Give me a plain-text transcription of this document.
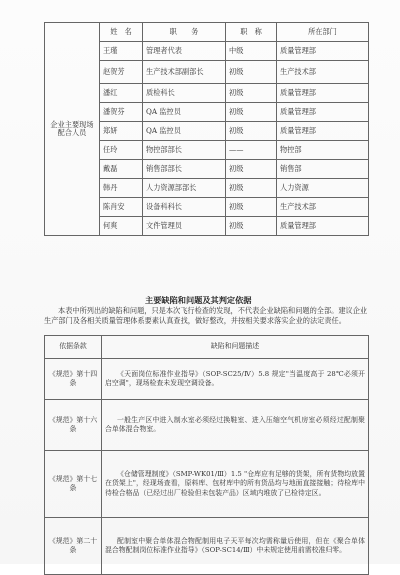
企业主要现场配合人员	姓　名	职　　务	职　称	所在部门
	王瑾	管理者代表	中级	质量管理部
	赵贺芳	生产技术部副部长	初级	生产技术部
	潘红	质检科长	初级	质量管理部
	潘贺芬	QA 监控员	初级	质量管理部
	郑妍	QA 监控员	初级	质量管理部
	任玲	物控部部长	——	物控部
	戴磊	销售部部长	初级	销售部
	韩丹	人力资源部部长	初级	人力资源
	陈肖安	设备科科长	初级	生产技术部
	何爽	文件管理员	初级	质量管理部
主要缺陷和问题及其判定依据

本表中所列出的缺陷和问题，只是本次飞行检查的发现，不代表企业缺陷和问题的全部。建议企业生产部门及各相关质量管理体系要素认真查找，做好整改，并按相关要求落实企业的法定责任。

依据条款	缺陷和问题描述
《规范》第十四条	《天面岗位标准作业指导》（SOP-SC25/Ⅳ）5.8 规定"当温度高于 28℃必须开启空调"，现场检查未发现空调设备。
《规范》第十六条	一般生产区中进入制水室必须经过换鞋室、进入压缩空气机房室必须经过配制聚合单体混合物室。
《规范》第十七条	《仓储管理制度》（SMP-WK01/Ⅲ）1.5 "仓库应有足够的货架，所有货物均放置在货架上"，经现场查看，原料库、包材库中的所有货品均与地面直接接触；待检库中待检合格品（已经过出厂检验但未包装产品）区域内堆放了已检待定区。
《规范》第二十条	配制室中聚合单体混合物配制用电子天平每次均需称量后使用，但在《聚合单体混合物配制岗位标准作业指导》（SOP-SC14/Ⅲ）中未规定使用前需校准归零。
